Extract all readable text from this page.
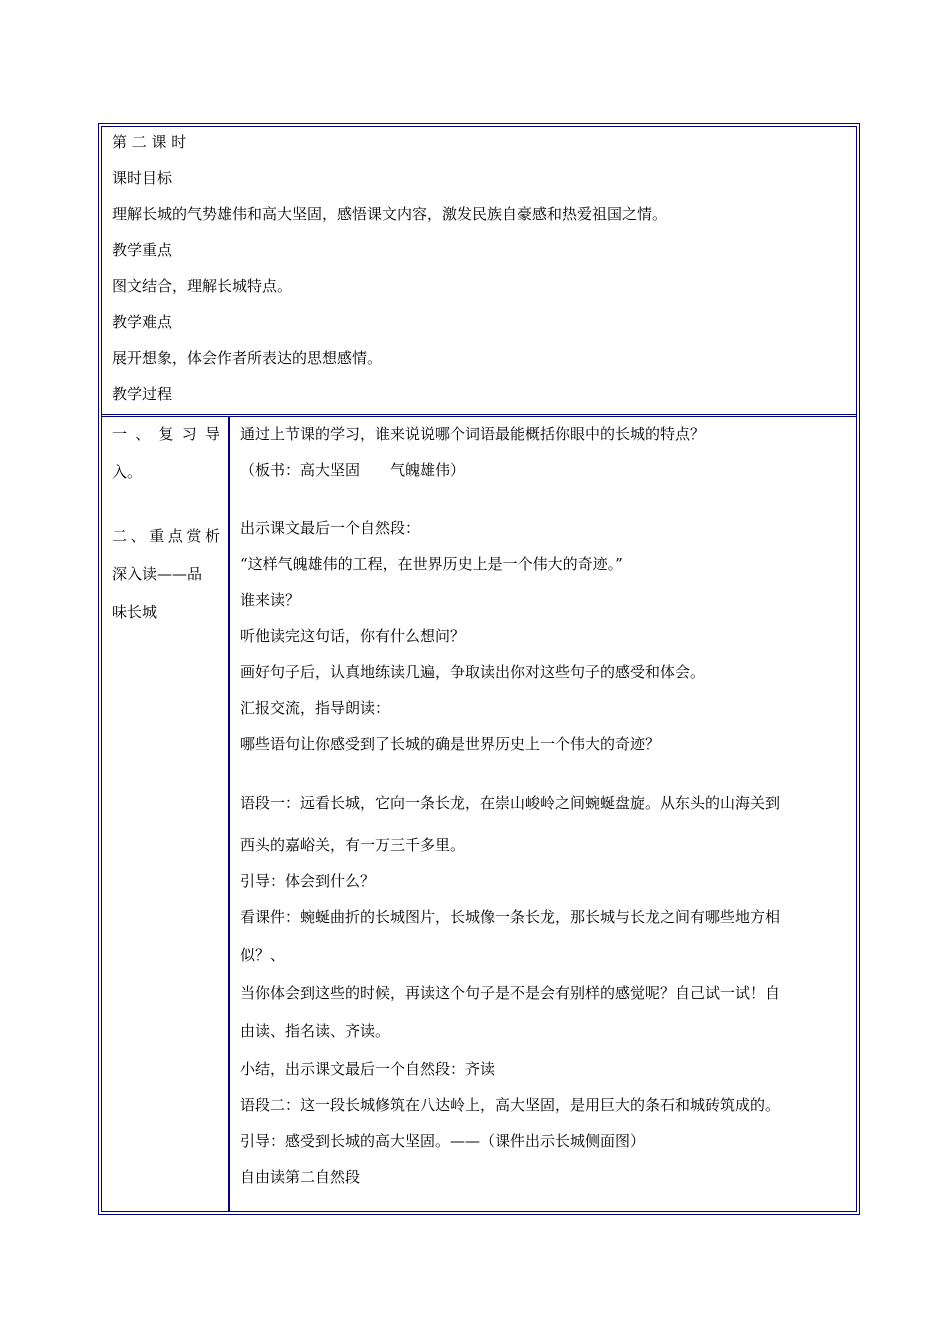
第 二 课 时
课时目标
理解长城的气势雄伟和高大坚固，感悟课文内容，激发民族自豪感和热爱祖国之情。
教学重点
图文结合，理解长城特点。
教学难点
展开想象，体会作者所表达的思想感情。
教学过程
一 、 复 习 导
入。
二 、 重 点 赏 析
深入读——品
味长城
通过上节课的学习，谁来说说哪个词语最能概括你眼中的长城的特点？
（板书：高大坚固　　气魄雄伟）
出示课文最后一个自然段：
“这样气魄雄伟的工程，在世界历史上是一个伟大的奇迹。”
谁来读？
听他读完这句话，你有什么想问？
画好句子后，认真地练读几遍，争取读出你对这些句子的感受和体会。
汇报交流，指导朗读：
哪些语句让你感受到了长城的确是世界历史上一个伟大的奇迹？
语段一：远看长城，它向一条长龙，在崇山峻岭之间蜿蜒盘旋。从东头的山海关到
西头的嘉峪关，有一万三千多里。
引导：体会到什么？
看课件：蜿蜒曲折的长城图片，长城像一条长龙，那长城与长龙之间有哪些地方相
似？、
当你体会到这些的时候，再读这个句子是不是会有别样的感觉呢？自己试一试！自
由读、指名读、齐读。
小结，出示课文最后一个自然段：齐读
语段二：这一段长城修筑在八达岭上，高大坚固，是用巨大的条石和城砖筑成的。
引导：感受到长城的高大坚固。——（课件出示长城侧面图）
自由读第二自然段
